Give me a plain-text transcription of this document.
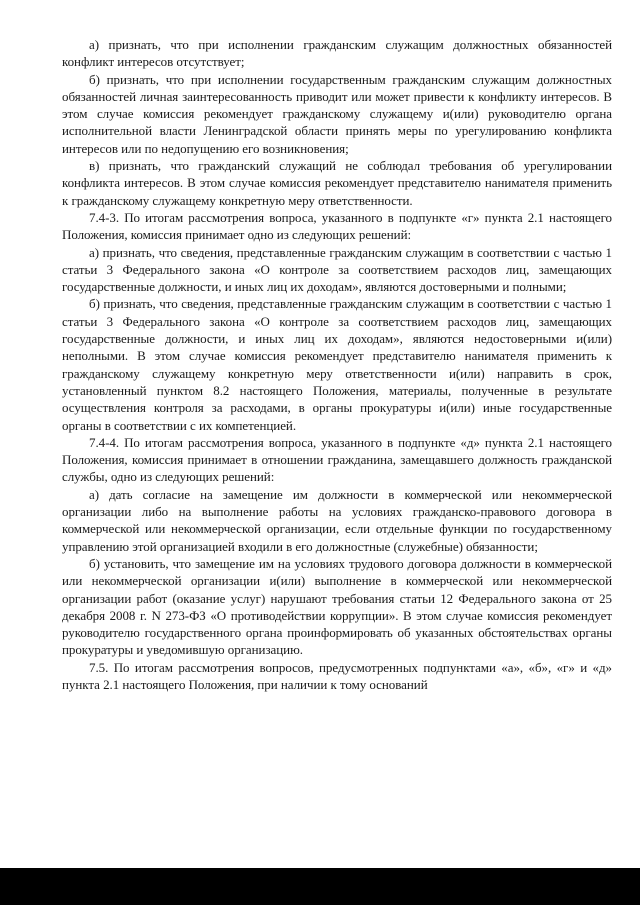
а) признать, что при исполнении гражданским служащим должностных обязанностей конфликт интересов отсутствует;

б) признать, что при исполнении государственным гражданским служащим должностных обязанностей личная заинтересованность приводит или может привести к конфликту интересов. В этом случае комиссия рекомендует гражданскому служащему и(или) руководителю органа исполнительной власти Ленинградской области принять меры по урегулированию конфликта интересов или по недопущению его возникновения;

в) признать, что гражданский служащий не соблюдал требования об урегулировании конфликта интересов. В этом случае комиссия рекомендует представителю нанимателя применить к гражданскому служащему конкретную меру ответственности.

7.4-3. По итогам рассмотрения вопроса, указанного в подпункте «г» пункта 2.1 настоящего Положения, комиссия принимает одно из следующих решений:

а) признать, что сведения, представленные гражданским служащим в соответствии с частью 1 статьи 3 Федерального закона «О контроле за соответствием расходов лиц, замещающих государственные должности, и иных лиц их доходам», являются достоверными и полными;

б) признать, что сведения, представленные гражданским служащим в соответствии с частью 1 статьи 3 Федерального закона «О контроле за соответствием расходов лиц, замещающих государственные должности, и иных лиц их доходам», являются недостоверными и(или) неполными. В этом случае комиссия рекомендует представителю нанимателя применить к гражданскому служащему конкретную меру ответственности и(или) направить в срок, установленный пунктом 8.2 настоящего Положения, материалы, полученные в результате осуществления контроля за расходами, в органы прокуратуры и(или) иные государственные органы в соответствии с их компетенцией.

7.4-4. По итогам рассмотрения вопроса, указанного в подпункте «д» пункта 2.1 настоящего Положения, комиссия принимает в отношении гражданина, замещавшего должность гражданской службы, одно из следующих решений:

а) дать согласие на замещение им должности в коммерческой или некоммерческой организации либо на выполнение работы на условиях гражданско-правового договора в коммерческой или некоммерческой организации, если отдельные функции по государственному управлению этой организацией входили в его должностные (служебные) обязанности;

б) установить, что замещение им на условиях трудового договора должности в коммерческой или некоммерческой организации и(или) выполнение в коммерческой или некоммерческой организации работ (оказание услуг) нарушают требования статьи 12 Федерального закона от 25 декабря 2008 г. N 273-ФЗ «О противодействии коррупции». В этом случае комиссия рекомендует руководителю государственного органа проинформировать об указанных обстоятельствах органы прокуратуры и уведомившую организацию.

7.5. По итогам рассмотрения вопросов, предусмотренных подпунктами «а», «б», «г» и «д» пункта 2.1 настоящего Положения, при наличии к тому оснований
